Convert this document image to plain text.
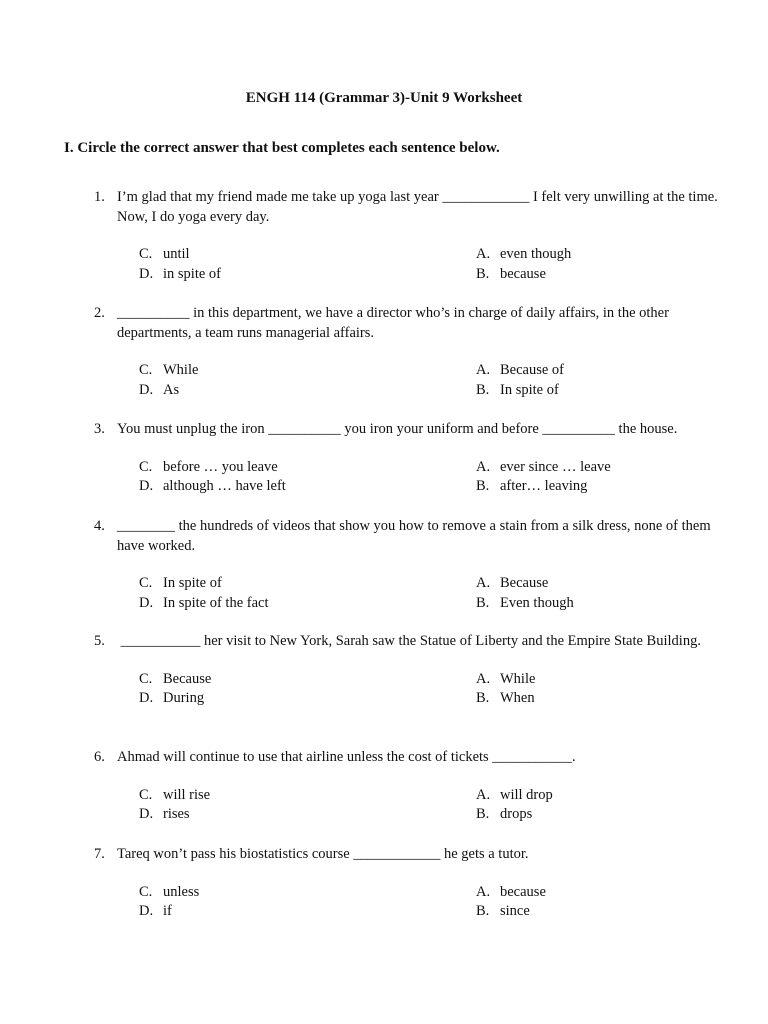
ENGH 114 (Grammar 3)-Unit 9 Worksheet
I. Circle the correct answer that best completes each sentence below.
1. I’m glad that my friend made me take up yoga last year ____________ I felt very unwilling at the time.  Now, I do yoga every day.
C. until	A. even though
D. in spite of	B. because
2. __________ in this department, we have a director who’s in charge of daily affairs, in the other departments, a team runs managerial affairs.
C. While	A. Because of
D. As	B. In spite of
3. You must unplug the iron __________ you iron your uniform and before __________ the house.
C. before … you leave	A. ever since … leave
D. although … have left	B. after… leaving
4. ________ the hundreds of videos that show you how to remove a stain from a silk dress, none of them have worked.
C. In spite of	A. Because
D. In spite of the fact	B. Even though
5. ___________ her visit to New York, Sarah saw the Statue of Liberty and the Empire State Building.
C. Because	A. While
D. During	B. When
6. Ahmad will continue to use that airline unless the cost of tickets ___________.
C. will rise	A. will drop
D. rises	B. drops
7. Tareq won’t pass his biostatistics course ____________ he gets a tutor.
C. unless	A. because
D. if	B. since
